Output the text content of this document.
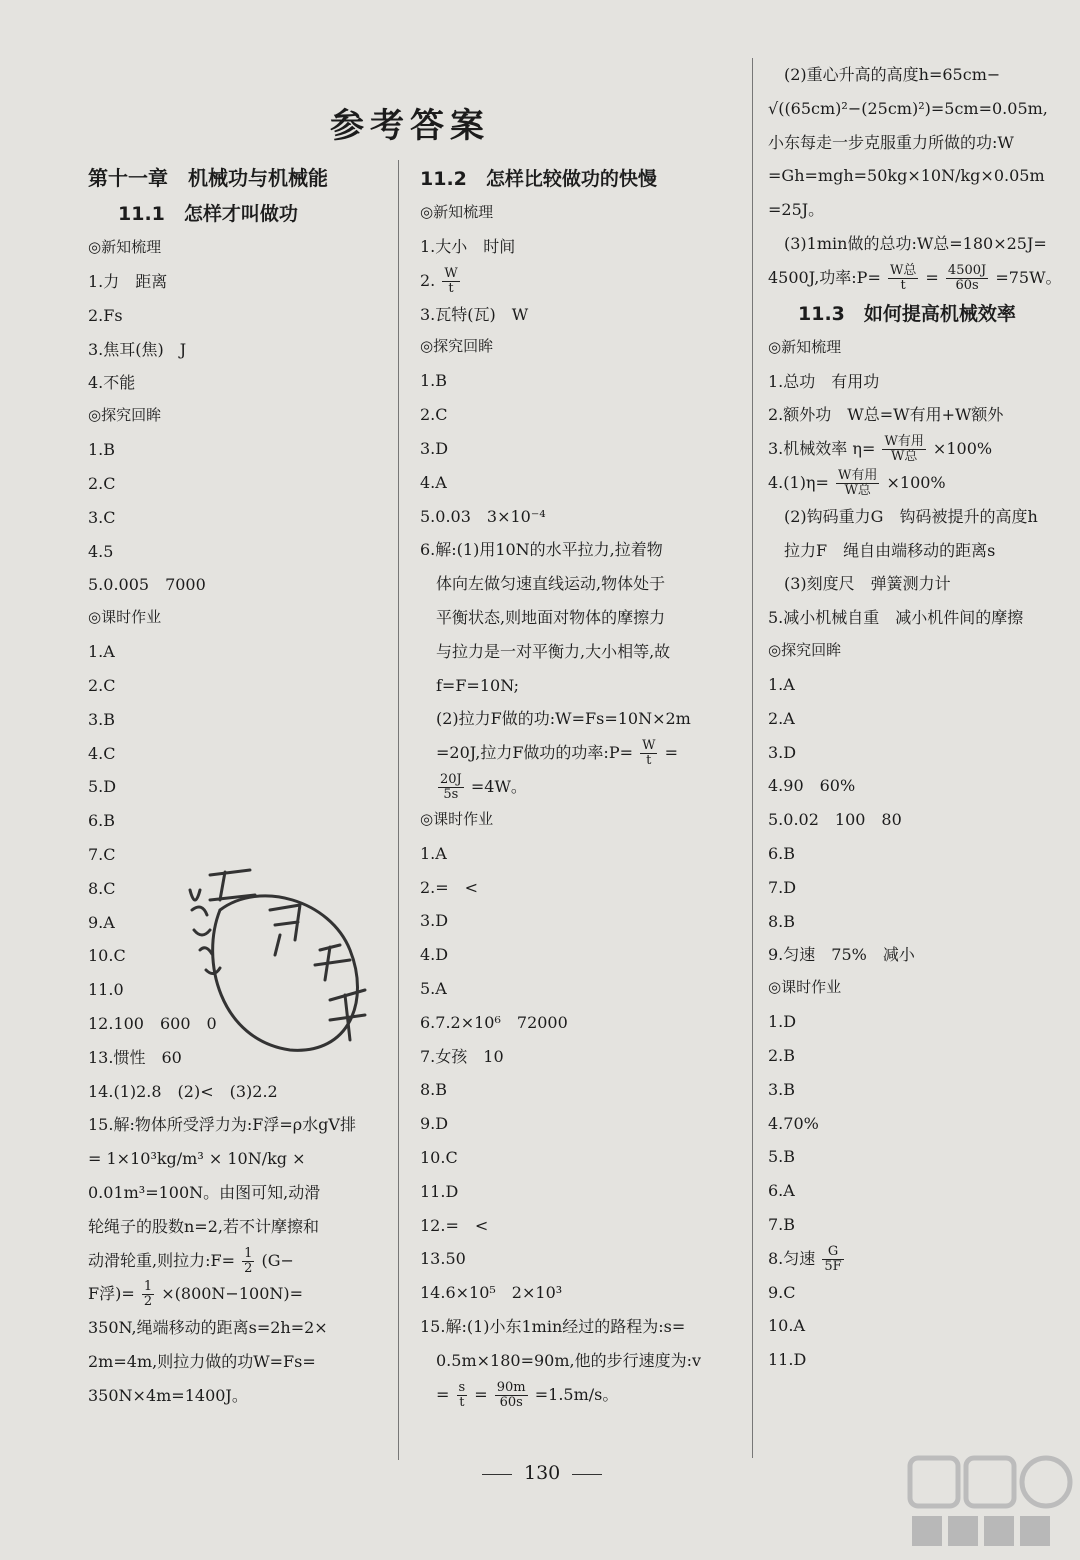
参考答案
第十一章　机械功与机械能
11.1　怎样才叫做功
◎新知梳理
1.力　距离
2.Fs
3.焦耳(焦)　J
4.不能
◎探究回眸
1.B
2.C
3.C
4.5
5.0.005　7000
◎课时作业
1.A
2.C
3.B
4.C
5.D
6.B
7.C
8.C
9.A
10.C
11.0
12.100　600　0
13.惯性　60
14.(1)2.8　(2)<　(3)2.2
15.解:物体所受浮力为:F浮=ρ水gV排
= 1×10³kg/m³ × 10N/kg ×
0.01m³=100N。由图可知,动滑
轮绳子的股数n=2,若不计摩擦和
动滑轮重,则拉力:F= $\frac{1}{2} (G-$
F浮)= $\frac{1}{2} \times(800N-100N)=$
350N,绳端移动的距离s=2h=2×
2m=4m,则拉力做的功W=Fs=
350N×4m=1400J。
11.2　怎样比较做功的快慢
◎新知梳理
1.大小　时间
2. $\frac{W}{t}$
3.瓦特(瓦)　W
◎探究回眸
1.B
2.C
3.D
4.A
5.0.03　3×10⁻⁴
6.解:(1)用10N的水平拉力,拉着物
体向左做匀速直线运动,物体处于
平衡状态,则地面对物体的摩擦力
与拉力是一对平衡力,大小相等,故
f=F=10N;
(2)拉力F做的功:W=Fs=10N×2m
=20J,拉力F做功的功率:P= $\frac{W}{t}$ =
$\frac{20J}{5s} =4W$。
◎课时作业
1.A
2.=　<
3.D
4.D
5.A
6.7.2×10⁶　72000
7.女孩　10
8.B
9.D
10.C
11.D
12.=　<
13.50
14.6×10⁵　2×10³
15.解:(1)小东1min经过的路程为:s=
0.5m×180=90m,他的步行速度为:v
= $\frac{s}{t} = \frac{90m}{60s} =1.5m/s$。
(2)重心升高的高度h=65cm−
√((65cm)²−(25cm)²)=5cm=0.05m,
小东每走一步克服重力所做的功:W
=Gh=mgh=50kg×10N/kg×0.05m
=25J。
(3)1min做的总功:W总=180×25J=
4500J,功率:P= $\frac{\text{W总}}{t} = \frac{4500J}{60s} =75W$。
11.3　如何提高机械效率
◎新知梳理
1.总功　有用功
2.额外功　W总=W有用+W额外
3.机械效率 $\eta= \frac{\text{W有用}}{\text{W总}} \times 100\%$
$4.(1)\eta= \frac{\text{W有用}}{\text{W总}} \times 100\%$
(2)钩码重力G　钩码被提升的高度h
拉力F　绳自由端移动的距离s
(3)刻度尺　弹簧测力计
5.减小机械自重　减小机件间的摩擦
◎探究回眸
1.A
2.A
3.D
4.90　60%
5.0.02　100　80
6.B
7.D
8.B
9.匀速　75%　减小
◎课时作业
1.D
2.B
3.B
4.70%
5.B
6.A
7.B
8.匀速 $\frac{G}{5F}$
9.C
10.A
11.D
130
